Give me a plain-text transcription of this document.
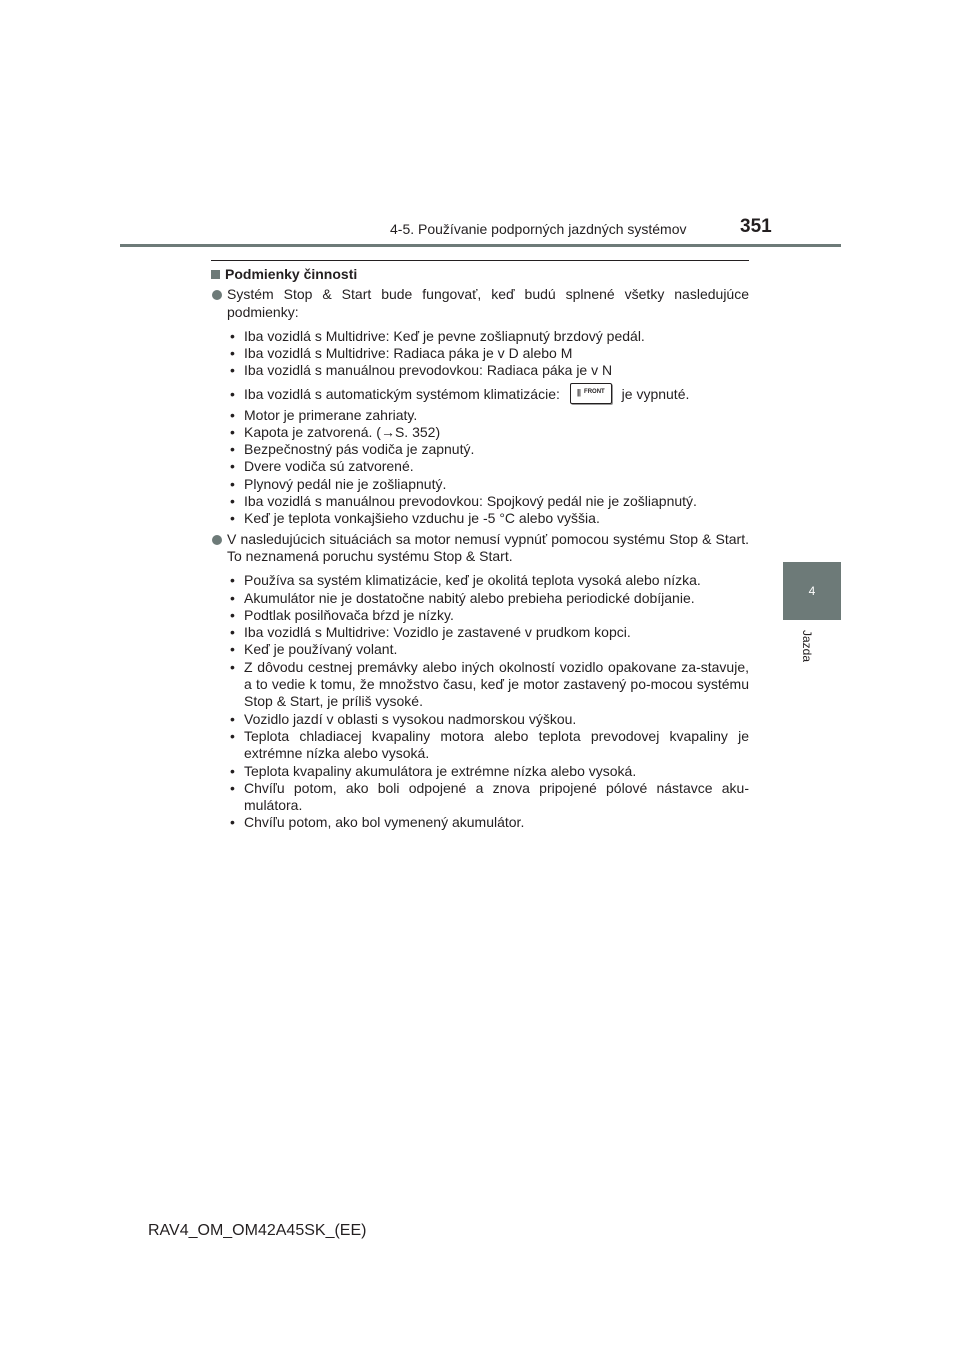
4-5. Používanie podporných jazdných systémov	351
4
Jazda
Podmienky činnosti
Systém Stop & Start bude fungovať, keď budú splnené všetky nasledujúce podmienky:
• Iba vozidlá s Multidrive: Keď je pevne zošliapnutý brzdový pedál.
• Iba vozidlá s Multidrive: Radiaca páka je v D alebo M
• Iba vozidlá s manuálnou prevodovkou: Radiaca páka je v N
• Iba vozidlá s automatickým systémom klimatizácie: ||| FRONT je vypnuté.
• Motor je primerane zahriaty.
• Kapota je zatvorená. (→S. 352)
• Bezpečnostný pás vodiča je zapnutý.
• Dvere vodiča sú zatvorené.
• Plynový pedál nie je zošliapnutý.
• Iba vozidlá s manuálnou prevodovkou: Spojkový pedál nie je zošliapnutý.
• Keď je teplota vonkajšieho vzduchu je -5 °C alebo vyššia.
V nasledujúcich situáciách sa motor nemusí vypnúť pomocou systému Stop & Start. To neznamená poruchu systému Stop & Start.
• Používa sa systém klimatizácie, keď je okolitá teplota vysoká alebo nízka.
• Akumulátor nie je dostatočne nabitý alebo prebieha periodické dobíjanie.
• Podtlak posilňovača bŕzd je nízky.
• Iba vozidlá s Multidrive: Vozidlo je zastavené v prudkom kopci.
• Keď je používaný volant.
• Z dôvodu cestnej premávky alebo iných okolností vozidlo opakovane za-stavuje, a to vedie k tomu, že množstvo času, keď je motor zastavený po-mocou systému Stop & Start, je príliš vysoké.
• Vozidlo jazdí v oblasti s vysokou nadmorskou výškou.
• Teplota chladiacej kvapaliny motora alebo teplota prevodovej kvapaliny je extrémne nízka alebo vysoká.
• Teplota kvapaliny akumulátora je extrémne nízka alebo vysoká.
• Chvíľu potom, ako boli odpojené a znova pripojené pólové nástavce aku-mulátora.
• Chvíľu potom, ako bol vymenený akumulátor.
RAV4_OM_OM42A45SK_(EE)
